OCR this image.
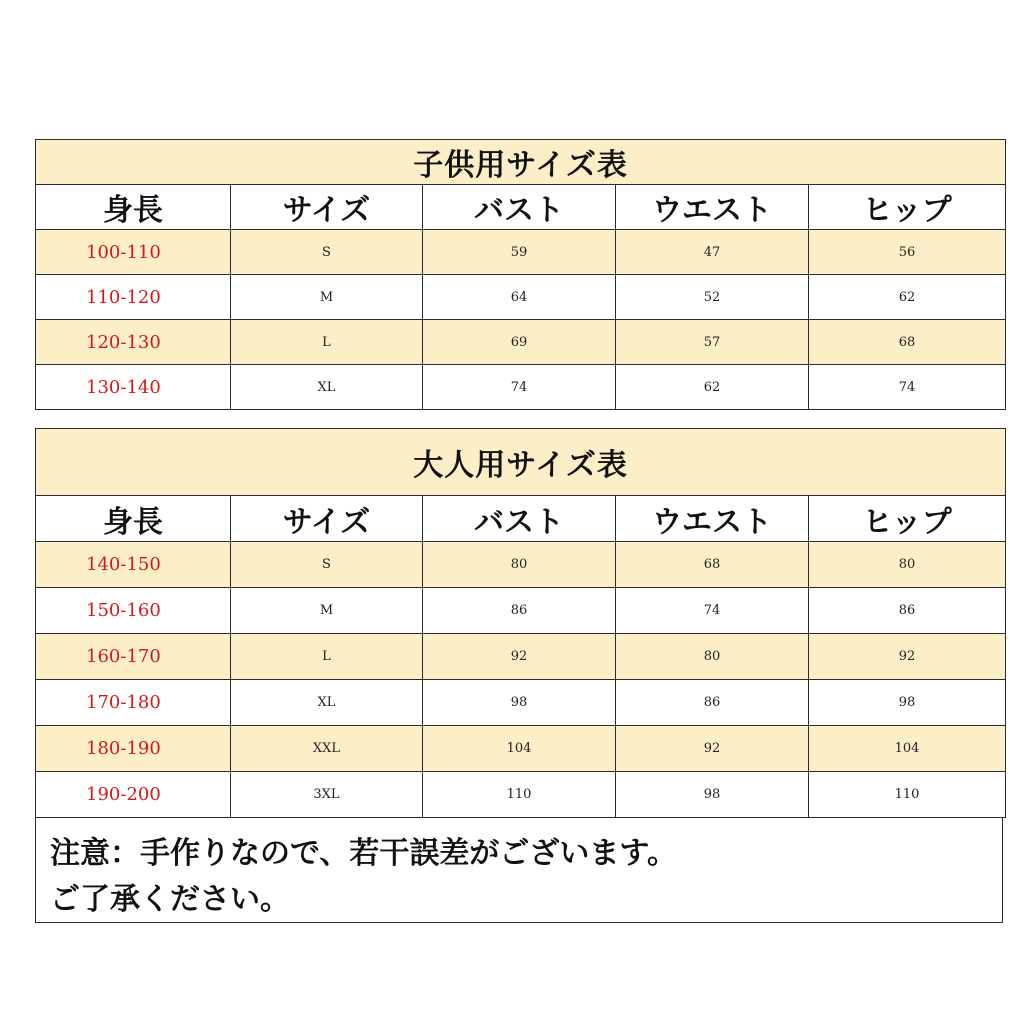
子供用サイズ表				
身長	サイズ	バスト	ウエスト	ヒップ
100-110	S	59	47	56
110-120	M	64	52	62
120-130	L	69	57	68
130-140	XL	74	62	74
大人用サイズ表				
身長	サイズ	バスト	ウエスト	ヒップ
140-150	S	80	68	80
150-160	M	86	74	86
160-170	L	92	80	92
170-180	XL	98	86	98
180-190	XXL	104	92	104
190-200	3XL	110	98	110
注意：手作りなので、若干誤差がございます。
ご了承ください。
